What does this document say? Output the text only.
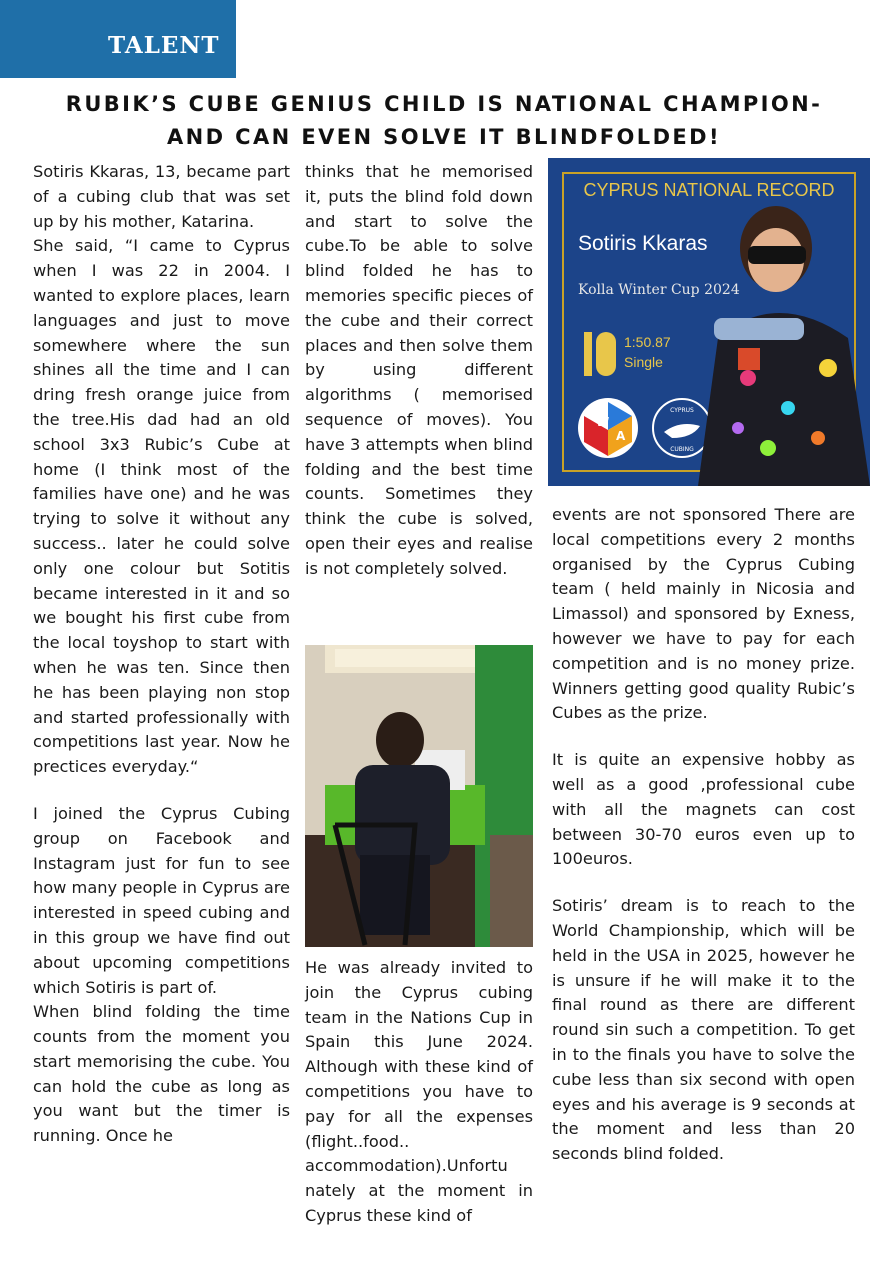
TALENT
RUBIK’S CUBE GENIUS CHILD IS NATIONAL CHAMPION-
AND CAN EVEN SOLVE IT BLINDFOLDED!

Sotiris Kkaras, 13, became part of a cubing club that was set up by his mother, Katarina.

She said, “I came to Cyprus when I was 22 in 2004. I wanted to explore places, learn languages and just to move somewhere where the sun shines all the time and I can dring fresh orange juice from the tree.His dad had an old school 3x3 Rubic’s Cube at home (I think most of the families have one) and he was trying to solve it without any success.. later he could solve only one colour but Sotitis became interested in it and so we bought his first cube from the local toyshop to start with when he was ten. Since then he has been playing non stop and started professionally with competitions last year. Now he prectices everyday.“

I joined the Cyprus Cubing group on Facebook and Instagram just for fun to see how many people in Cyprus are interested in speed cubing and in this group we have find out about upcoming competitions which Sotiris is part of.

When blind folding the time counts from the moment you start memorising the cube. You can hold the cube as long as you want but the timer is running. Once he

thinks that he memorised it, puts the blind fold down and start to solve the cube.To be able to solve blind folded he has to memories specific pieces of the cube and their correct places and then solve them by using different algorithms ( memorised sequence of moves). You have 3 attempts when blind folding and the best time counts. Sometimes they think the cube is solved, open their eyes and realise is not completely solved.

He was already invited to join the Cyprus cubing team in the Nations Cup in Spain this June 2024. Although with these kind of competitions you have to pay for all the expenses (flight..food.. accommodation).Unfortu nately at the moment in Cyprus these kind of

CYPRUS NATIONAL RECORD
Sotiris Kkaras
Kolla Winter Cup 2024
1:50.87
Single
W
A
CYPRUS
CUBING

events are not sponsored There are local competitions every 2 months organised by the Cyprus Cubing team ( held mainly in Nicosia and Limassol) and sponsored by Exness, however we have to pay for each competition and is no money prize. Winners getting good quality Rubic’s Cubes as the prize.

It is quite an expensive hobby as well as a good ,professional cube with all the magnets can cost between 30-70 euros even up to 100euros.

Sotiris’ dream is to reach to the World Championship, which will be held in the USA in 2025, however he is unsure if he will make it to the final round as there are different round sin such a competition. To get in to the finals you have to solve the cube less than six second with open eyes and his average is 9 seconds at the moment and less than 20 seconds blind folded.
